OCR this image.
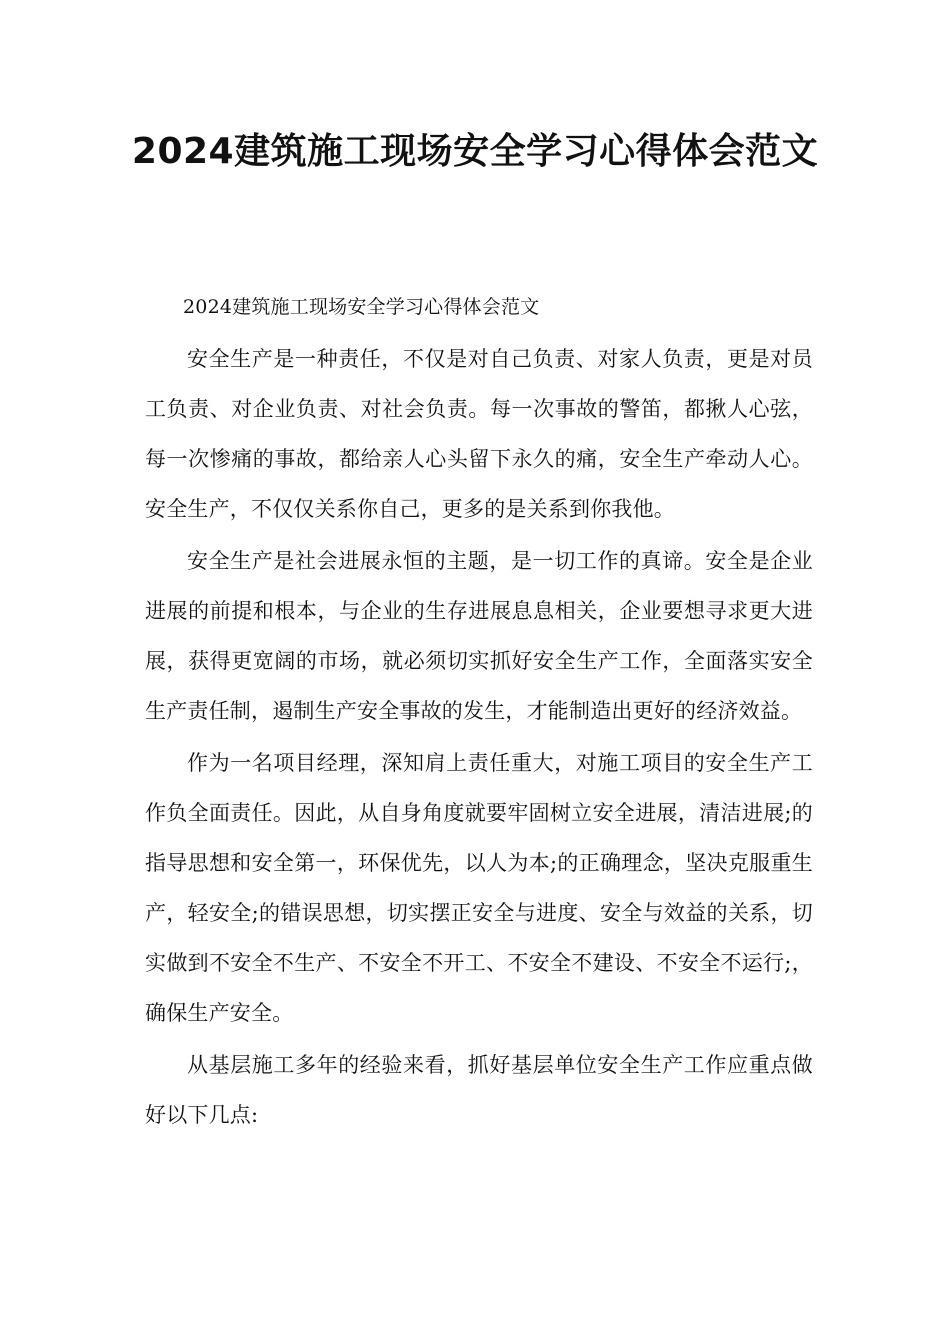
2024建筑施工现场安全学习心得体会范文

2024建筑施工现场安全学习心得体会范文

安全生产是一种责任，不仅是对自己负责、对家人负责，更是对员工负责、对企业负责、对社会负责。每一次事故的警笛，都揪人心弦，每一次惨痛的事故，都给亲人心头留下永久的痛，安全生产牵动人心。安全生产，不仅仅关系你自己，更多的是关系到你我他。

安全生产是社会进展永恒的主题，是一切工作的真谛。安全是企业进展的前提和根本，与企业的生存进展息息相关，企业要想寻求更大进展，获得更宽阔的市场，就必须切实抓好安全生产工作，全面落实安全生产责任制，遏制生产安全事故的发生，才能制造出更好的经济效益。

作为一名项目经理，深知肩上责任重大，对施工项目的安全生产工作负全面责任。因此，从自身角度就要牢固树立安全进展，清洁进展;的指导思想和安全第一，环保优先，以人为本;的正确理念，坚决克服重生产，轻安全;的错误思想，切实摆正安全与进度、安全与效益的关系，切实做到不安全不生产、不安全不开工、不安全不建设、不安全不运行;，确保生产安全。

从基层施工多年的经验来看，抓好基层单位安全生产工作应重点做好以下几点:
